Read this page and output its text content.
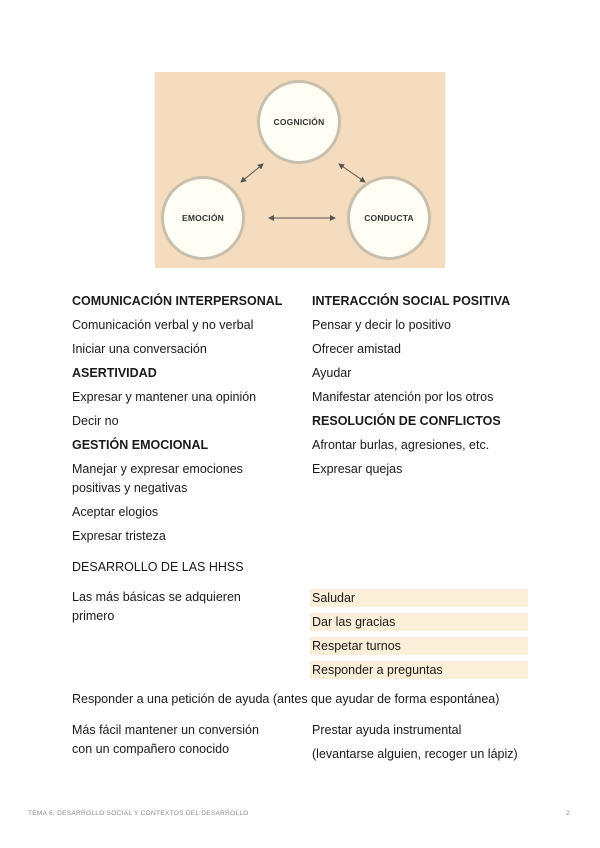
COGNICIÓN
EMOCIÓN	CONDUCTA
COMUNICACIÓN INTERPERSONAL
Comunicación verbal y no verbal
Iniciar una conversación
ASERTIVIDAD
Expresar y mantener una opinión
Decir no
GESTIÓN EMOCIONAL
Manejar y expresar emociones
positivas y negativas
Aceptar elogios
Expresar tristeza
INTERACCIÓN SOCIAL POSITIVA
Pensar y decir lo positivo
Ofrecer amistad
Ayudar
Manifestar atención por los otros
RESOLUCIÓN DE CONFLICTOS
Afrontar burlas, agresiones, etc.
Expresar quejas
DESARROLLO DE LAS HHSS
Las más básicas se adquieren
primero
Saludar
Dar las gracias
Respetar turnos
Responder a preguntas
Responder a una petición de ayuda (antes que ayudar de forma espontánea)
Más fácil mantener un conversión
con un compañero conocido
Prestar ayuda instrumental
(levantarse alguien, recoger un lápiz)
TEMA 6: DESARROLLO SOCIAL Y CONTEXTOS DEL DESARROLLO	2
